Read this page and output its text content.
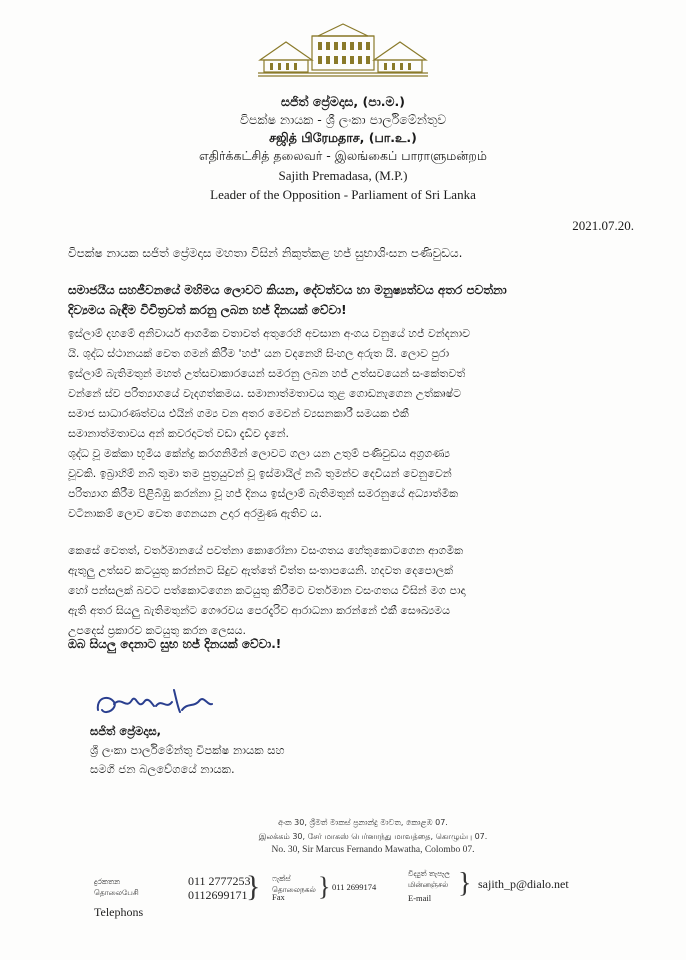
සජිත් ප්‍රේමදාස, (පා.ම.)
විපක්ෂ නායක - ශ්‍රී ලංකා පාර්ලිමේන්තුව
சஜித் பிரேமதாச, (பா.உ.)
எதிர்க்கட்சித் தலைவர் - இலங்கைப் பாராளுமன்றம்
Sajith Premadasa, (M.P.)
Leader of the Opposition - Parliament of Sri Lanka
2021.07.20.
විපක්ෂ නායක සජිත් ප්‍රේමදාස මහතා විසින් නිකුත්කළ හජ් සුභාශිංසන පණිවුඩය.
සමාජයීය සහජීවනයේ මහිමය ලොවට කියන, දේවත්වය හා මනුෂ්‍යත්වය අතර පවත්නා
දිව්‍යමය බැඳීම විචිත්‍රවත් කරනු ලබන හජ් දිනයක් වේවා!
ඉස්ලාම් දහමේ අනිවාර්ය ආගමික වතාවත් අතුරෙහි අවසාන අංගය වනුයේ හජ් වන්දනාව
යි. ශුද්ධ ස්ථානයක් වෙත ගමන් කිරීම 'හජ්' යන වදනෙහි සිංහල අරුත යි. ලොව පුරා
ඉස්ලාම් බැතිමතුන් මහත් උත්සවාකාරයෙන් සමරනු ලබන හජ් උත්සවයෙන් සංකේතවත්
වන්නේ ස්ව පරිත්‍යාගයේ වැදගත්කමය. සමානාත්මතාවය තුළ ගොඩනැගෙන උත්කෘෂ්ට
සමාජ සාධාරණත්වය එයින් ගම්‍ය වන අතර මෙවන් ව්‍යසනකාරී සමයක එකී
සමානාත්මතාවය අන් කවරදාටත් වඩා දැඩිව දැනේ.
ශුද්ධ වූ මක්කා භූමිය කේන්ද්‍ර කරගනිමින් ලොවට ගලා යන උතුම් පණිවුඩය අග්‍රගණ්‍ය
වූවකි. ඉබ්‍රාහිම් නබි තුමා තම පුත්‍රයුවන් වූ ඉස්මායිල් නබි තුමන්ව දෙවියන් වෙනුවෙන්
පරිත්‍යාග කිරීම පිළිබිඹු කරන්නා වූ හජ් දිනය ඉස්ලාම් බැතිමතුන් සමරනුයේ අධ්‍යාත්මික
වටිනාකම් ලොව වෙත ගෙනයන උදාර අරමුණ ඇතිව ය.
කෙසේ වෙතත්, වර්තමානයේ පවත්නා කොරෝනා වසංගතය හේතුකොටගෙන ආගමික
ඇතුලු උත්සව කටයුතු කරන්නට සිදුව ඇත්තේ චිත්ත සංතාපයෙනි. හදවත දෙපොලක්
හෝ පන්සලක් බවට පත්කොටගෙන කටයුතු කිරීමට වර්තමාන වසංගතය විසින් මග පාදා
ඇති අතර සියලු බැතිමතුන්ට ගෞරවය පෙරදැරිව ආරාධනා කරන්නේ එකී සෞඛ්‍යමය
උපදෙස් ප්‍රකාරව කටයුතු කරන ලෙසය.
ඔබ සියලු දෙනාට සුභ හජ් දිනයක් වේවා.!
සජිත් ප්‍රේමදාස,
ශ්‍රී ලංකා පාර්ලිමේන්තු විපක්ෂ නායක සහ
සමගි ජන බලවේගයේ නායක.
අංක 30, ශ්‍රීමත් මාකස් ප්‍රනාන්දු මාවත, කොළඹ 07.
இலக்கம் 30, சேர் மாகஸ் பெர்னாந்து மாவத்தை, கொழும்பு 07.
No. 30, Sir Marcus Fernando Mawatha, Colombo 07.
දුරකතන
தொலைபேசி
Telephons
011 2777253
0112699171
} ෆැක්ස්
தொலைநகல்
Fax } 011 2699174
විද්‍යුත් තැපෑල
மின்னஞ்சல்
E-mail } sajith_p@dialo.net
